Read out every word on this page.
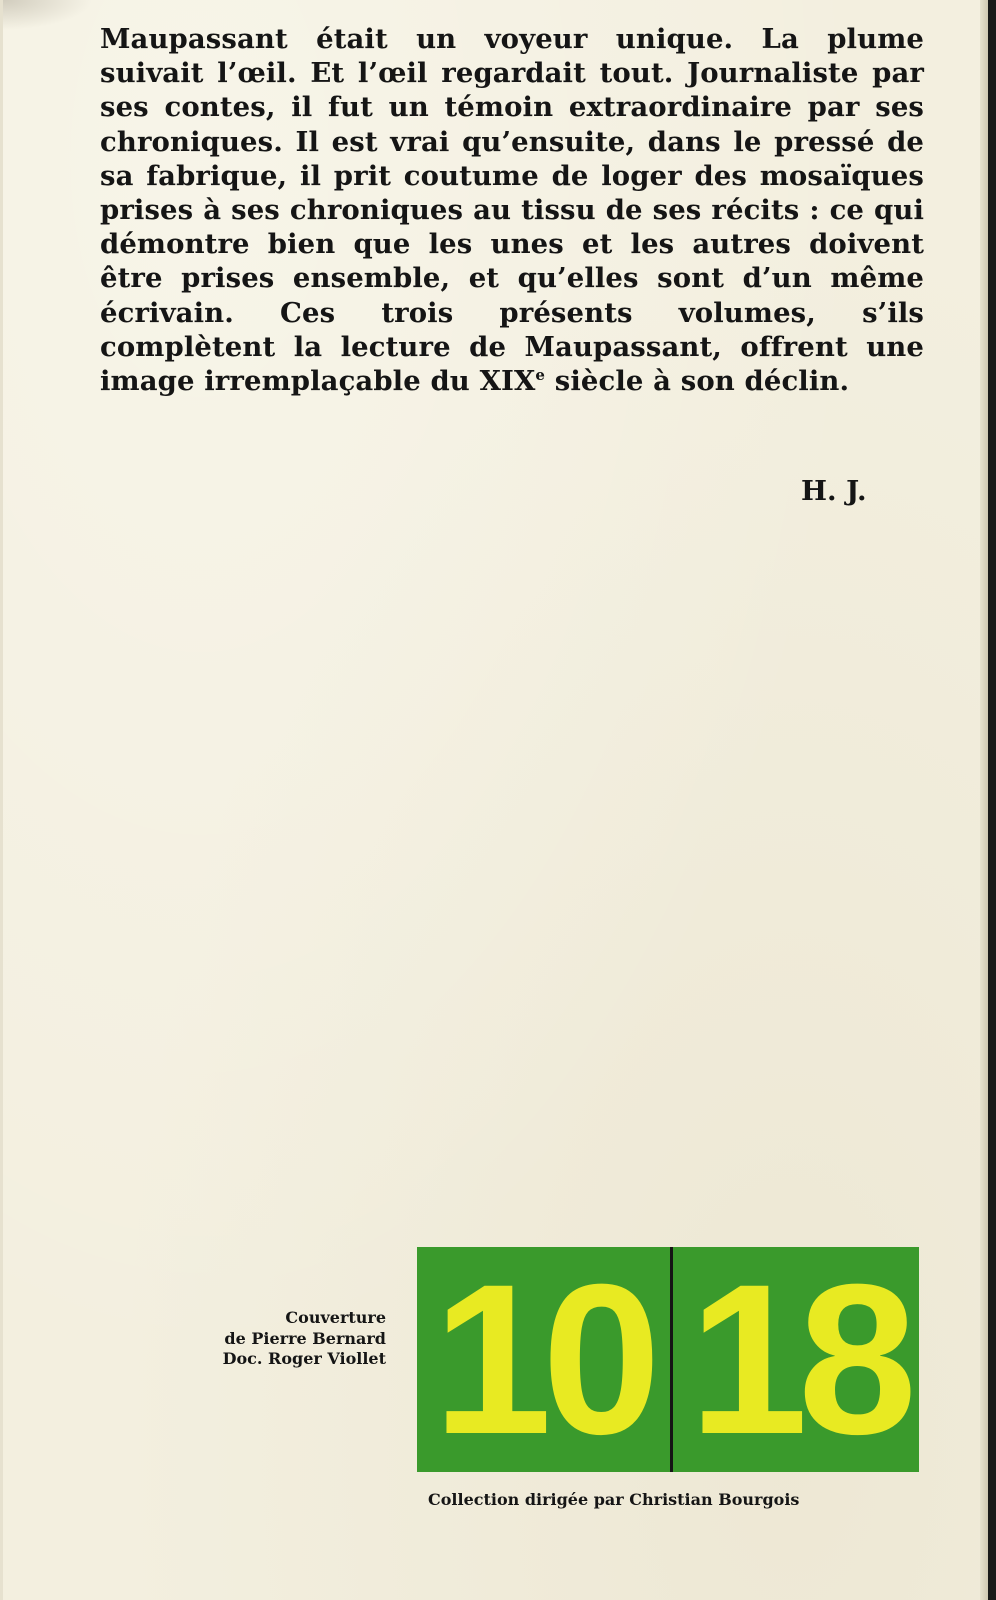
Maupassant était un voyeur unique. La plume suivait l’œil. Et l’œil regardait tout. Journaliste par ses contes, il fut un témoin extraordinaire par ses chroniques. Il est vrai qu’ensuite, dans le pressé de sa fabrique, il prit coutume de loger des mosaïques prises à ses chroniques au tissu de ses récits : ce qui démontre bien que les unes et les autres doivent être prises ensemble, et qu’elles sont d’un même écrivain. Ces trois présents volumes, s’ils complètent la lecture de Maupassant, offrent une image irremplaçable du XIXe siècle à son déclin.

H. J.
Couverture
de Pierre Bernard
Doc. Roger Viollet 10 18
Collection dirigée par Christian Bourgois
